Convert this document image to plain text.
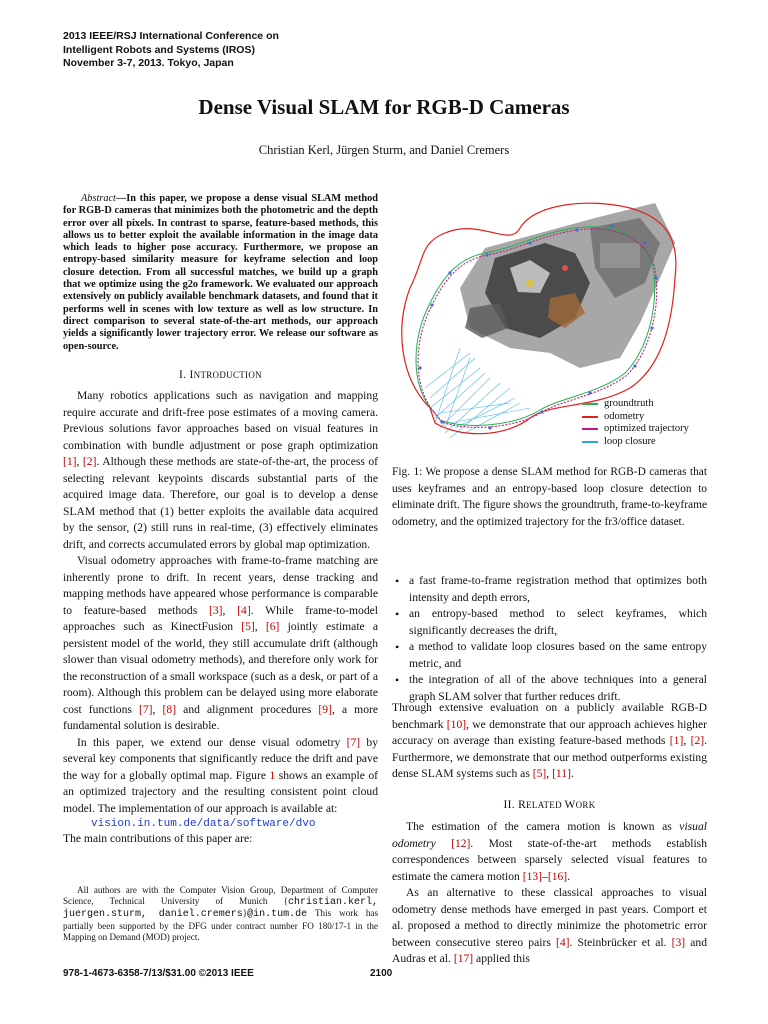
2013 IEEE/RSJ International Conference on
Intelligent Robots and Systems (IROS)
November 3-7, 2013. Tokyo, Japan
Dense Visual SLAM for RGB-D Cameras
Christian Kerl, Jürgen Sturm, and Daniel Cremers

Abstract—In this paper, we propose a dense visual SLAM method for RGB-D cameras that minimizes both the photometric and the depth error over all pixels. In contrast to sparse, feature-based methods, this allows us to better exploit the available information in the image data which leads to higher pose accuracy. Furthermore, we propose an entropy-based similarity measure for keyframe selection and loop closure detection. From all successful matches, we build up a graph that we optimize using the g2o framework. We evaluated our approach extensively on publicly available benchmark datasets, and found that it performs well in scenes with low texture as well as low structure. In direct comparison to several state-of-the-art methods, our approach yields a significantly lower trajectory error. We release our software as open-source.

I. INTRODUCTION

Many robotics applications such as navigation and mapping require accurate and drift-free pose estimates of a moving camera. Previous solutions favor approaches based on visual features in combination with bundle adjustment or pose graph optimization [1], [2]. Although these methods are state-of-the-art, the process of selecting relevant keypoints discards substantial parts of the acquired image data. Therefore, our goal is to develop a dense SLAM method that (1) better exploits the available data acquired by the sensor, (2) still runs in real-time, (3) effectively eliminates drift, and corrects accumulated errors by global map optimization.

Visual odometry approaches with frame-to-frame matching are inherently prone to drift. In recent years, dense tracking and mapping methods have appeared whose performance is comparable to feature-based methods [3], [4]. While frame-to-model approaches such as KinectFusion [5], [6] jointly estimate a persistent model of the world, they still accumulate drift (although slower than visual odometry methods), and therefore only work for the reconstruction of a small workspace (such as a desk, or part of a room). Although this problem can be delayed using more elaborate cost functions [7], [8] and alignment procedures [9], a more fundamental solution is desirable.

In this paper, we extend our dense visual odometry [7] by several key components that significantly reduce the drift and pave the way for a globally optimal map. Figure 1 shows an example of an optimized trajectory and the resulting consistent point cloud model. The implementation of our approach is available at:
vision.in.tum.de/data/software/dvo

The main contributions of this paper are:

All authors are with the Computer Vision Group, Department of Computer Science, Technical University of Munich {christian.kerl, juergen.sturm, daniel.cremers}@in.tum.de This work has partially been supported by the DFG under contract number FO 180/17-1 in the Mapping on Demand (MOD) project.

978-1-4673-6358-7/13/$31.00 ©2013 IEEE	2100
groundtruth
odometry
optimized trajectory
loop closure

Fig. 1: We propose a dense SLAM method for RGB-D cameras that uses keyframes and an entropy-based loop closure detection to eliminate drift. The figure shows the groundtruth, frame-to-keyframe odometry, and the optimized trajectory for the fr3/office dataset.

• a fast frame-to-frame registration method that optimizes both intensity and depth errors,
• an entropy-based method to select keyframes, which significantly decreases the drift,
• a method to validate loop closures based on the same entropy metric, and
• the integration of all of the above techniques into a general graph SLAM solver that further reduces drift.

Through extensive evaluation on a publicly available RGB-D benchmark [10], we demonstrate that our approach achieves higher accuracy on average than existing feature-based methods [1], [2]. Furthermore, we demonstrate that our method outperforms existing dense SLAM systems such as [5], [11].

II. RELATED WORK

The estimation of the camera motion is known as visual odometry [12]. Most state-of-the-art methods establish correspondences between sparsely selected visual features to estimate the camera motion [13]–[16].

As an alternative to these classical approaches to visual odometry dense methods have emerged in past years. Comport et al. proposed a method to directly minimize the photometric error between consecutive stereo pairs [4]. Steinbrücker et al. [3] and Audras et al. [17] applied this
